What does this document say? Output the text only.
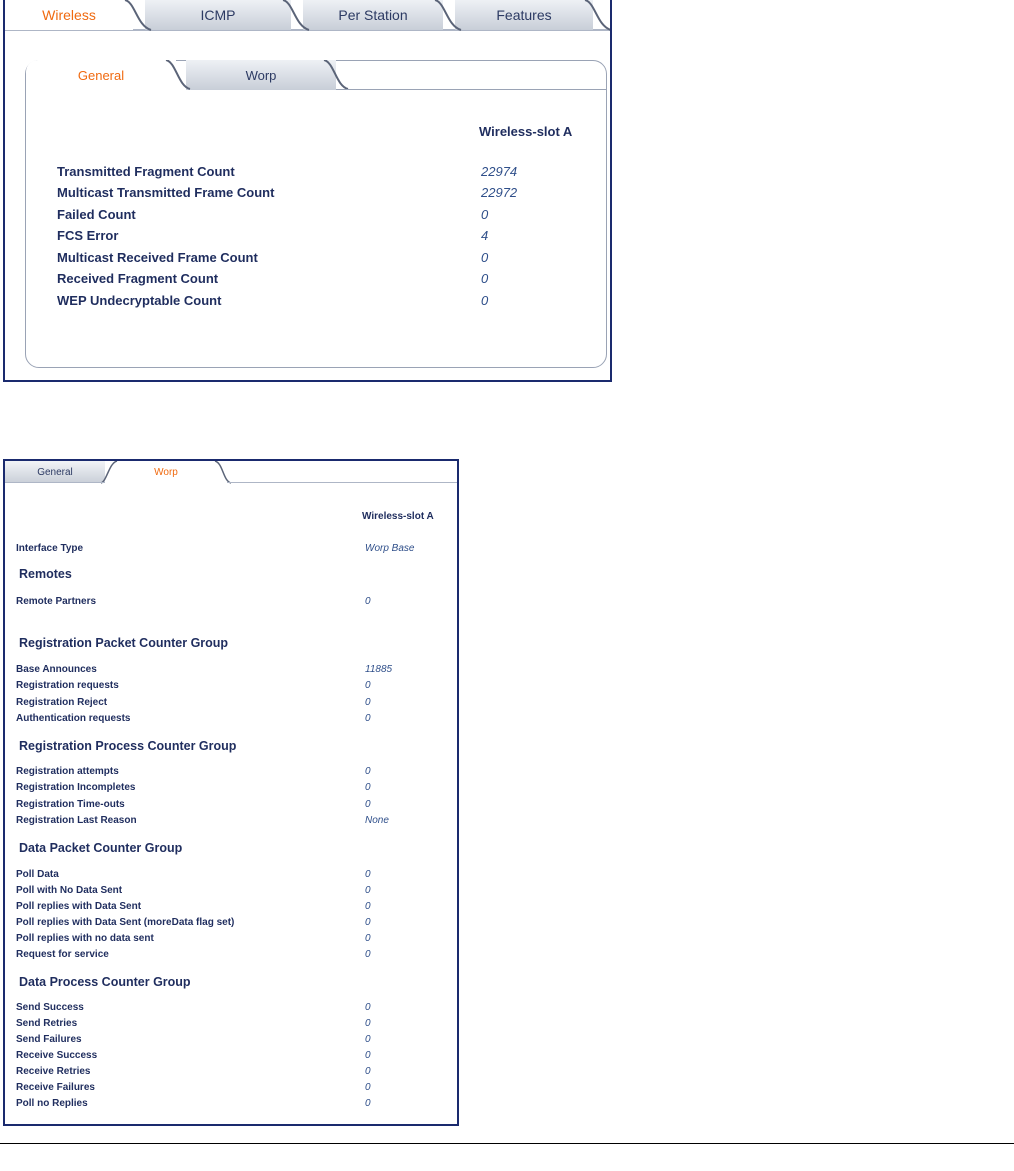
Wireless	ICMP	Per Station	Features
General	Worp
Wireless-slot A
Transmitted Fragment Count	22974
Multicast Transmitted Frame Count	22972
Failed Count	0
FCS Error	4
Multicast Received Frame Count	0
Received Fragment Count	0
WEP Undecryptable Count	0
General	Worp
Wireless-slot A
Interface Type	Worp Base
Remotes
Remote Partners	0
Registration Packet Counter Group
Base Announces	11885
Registration requests	0
Registration Reject	0
Authentication requests	0
Registration Process Counter Group
Registration attempts	0
Registration Incompletes	0
Registration Time-outs	0
Registration Last Reason	None
Data Packet Counter Group
Poll Data	0
Poll with No Data Sent	0
Poll replies with Data Sent	0
Poll replies with Data Sent (moreData flag set)	0
Poll replies with no data sent	0
Request for service	0
Data Process Counter Group
Send Success	0
Send Retries	0
Send Failures	0
Receive Success	0
Receive Retries	0
Receive Failures	0
Poll no Replies	0
